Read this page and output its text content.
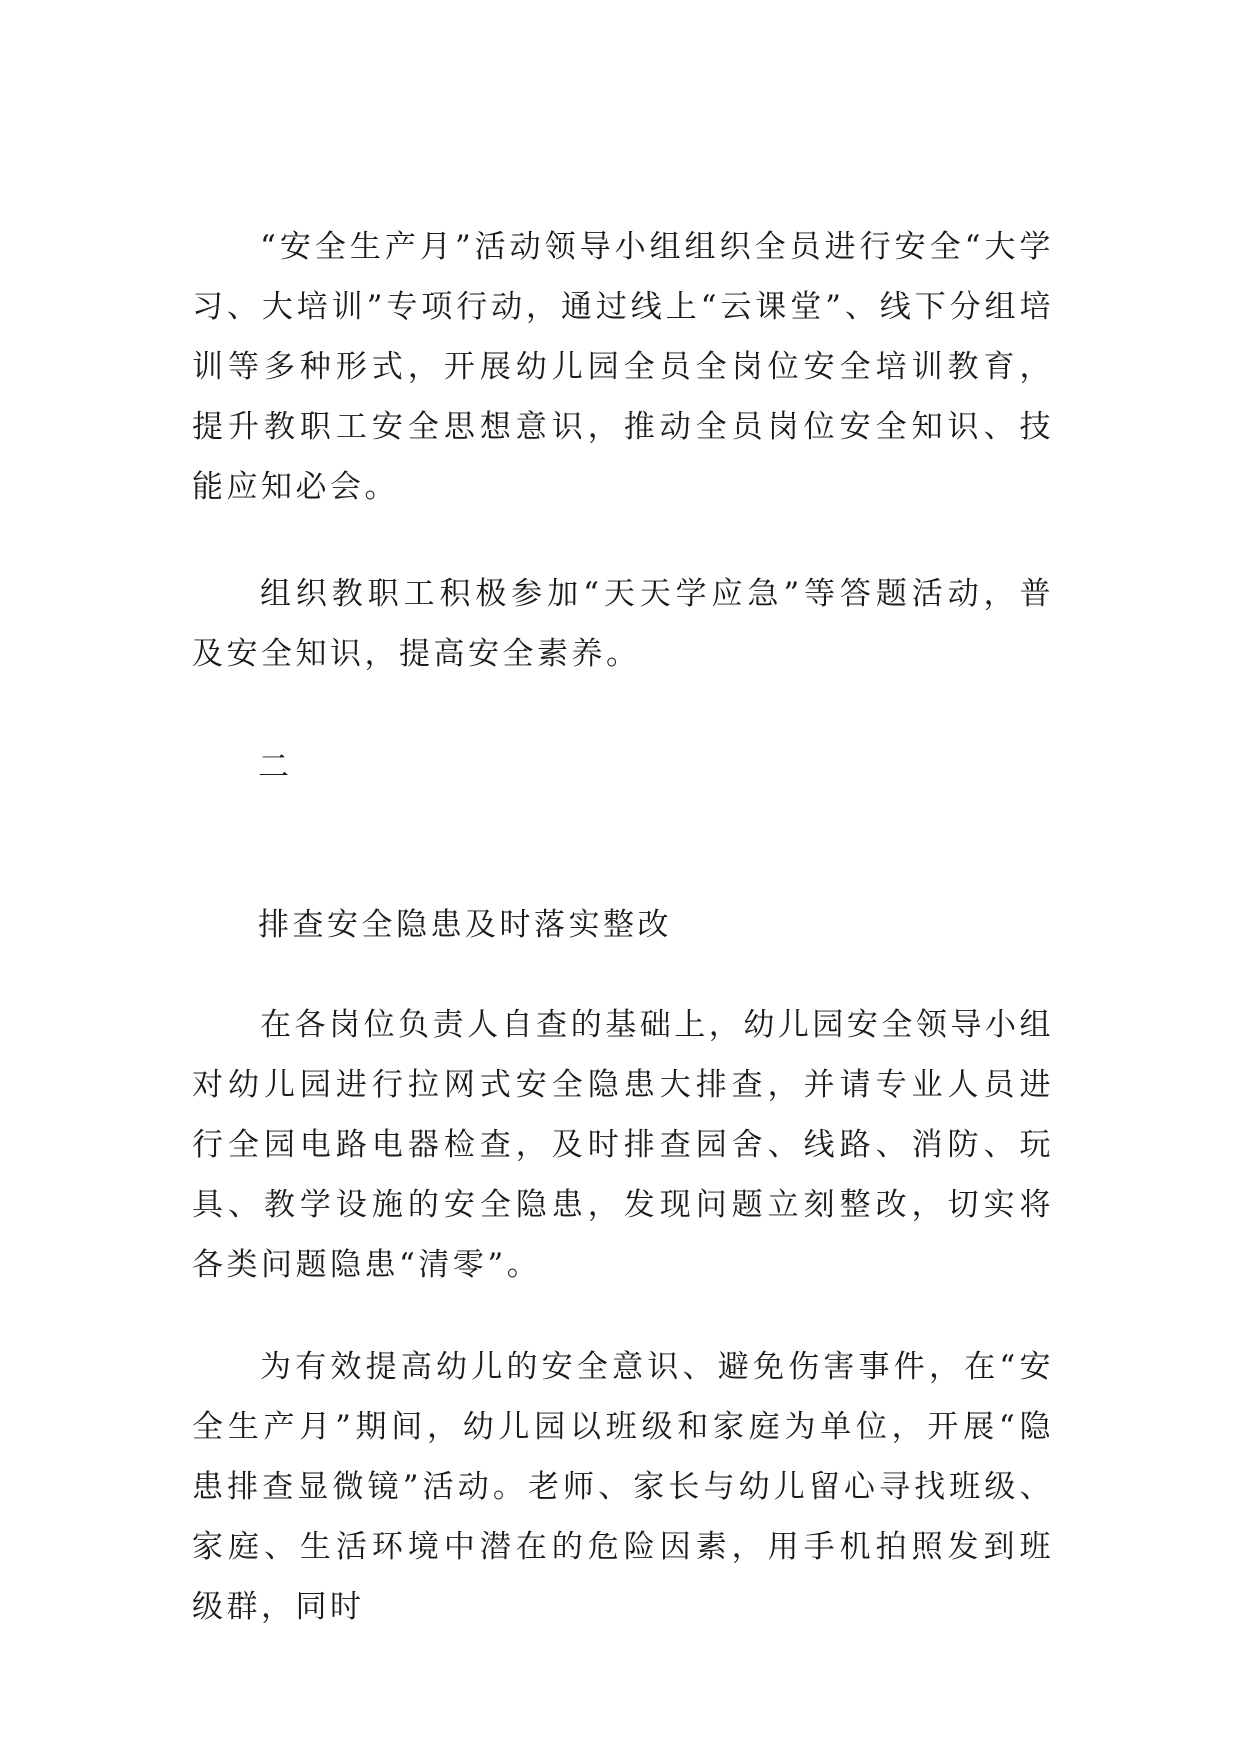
“安全生产月”活动领导小组组织全员进行安全“大学习、大培训”专项行动，通过线上“云课堂”、线下分组培训等多种形式，开展幼儿园全员全岗位安全培训教育，提升教职工安全思想意识，推动全员岗位安全知识、技能应知必会。

组织教职工积极参加“天天学应急”等答题活动，普及安全知识，提高安全素养。

二

排查安全隐患及时落实整改

在各岗位负责人自查的基础上，幼儿园安全领导小组对幼儿园进行拉网式安全隐患大排查，并请专业人员进行全园电路电器检查，及时排查园舍、线路、消防、玩具、教学设施的安全隐患，发现问题立刻整改，切实将各类问题隐患“清零”。

为有效提高幼儿的安全意识、避免伤害事件，在“安全生产月”期间，幼儿园以班级和家庭为单位，开展“隐患排查显微镜”活动。老师、家长与幼儿留心寻找班级、家庭、生活环境中潜在的危险因素，用手机拍照发到班级群，同时
